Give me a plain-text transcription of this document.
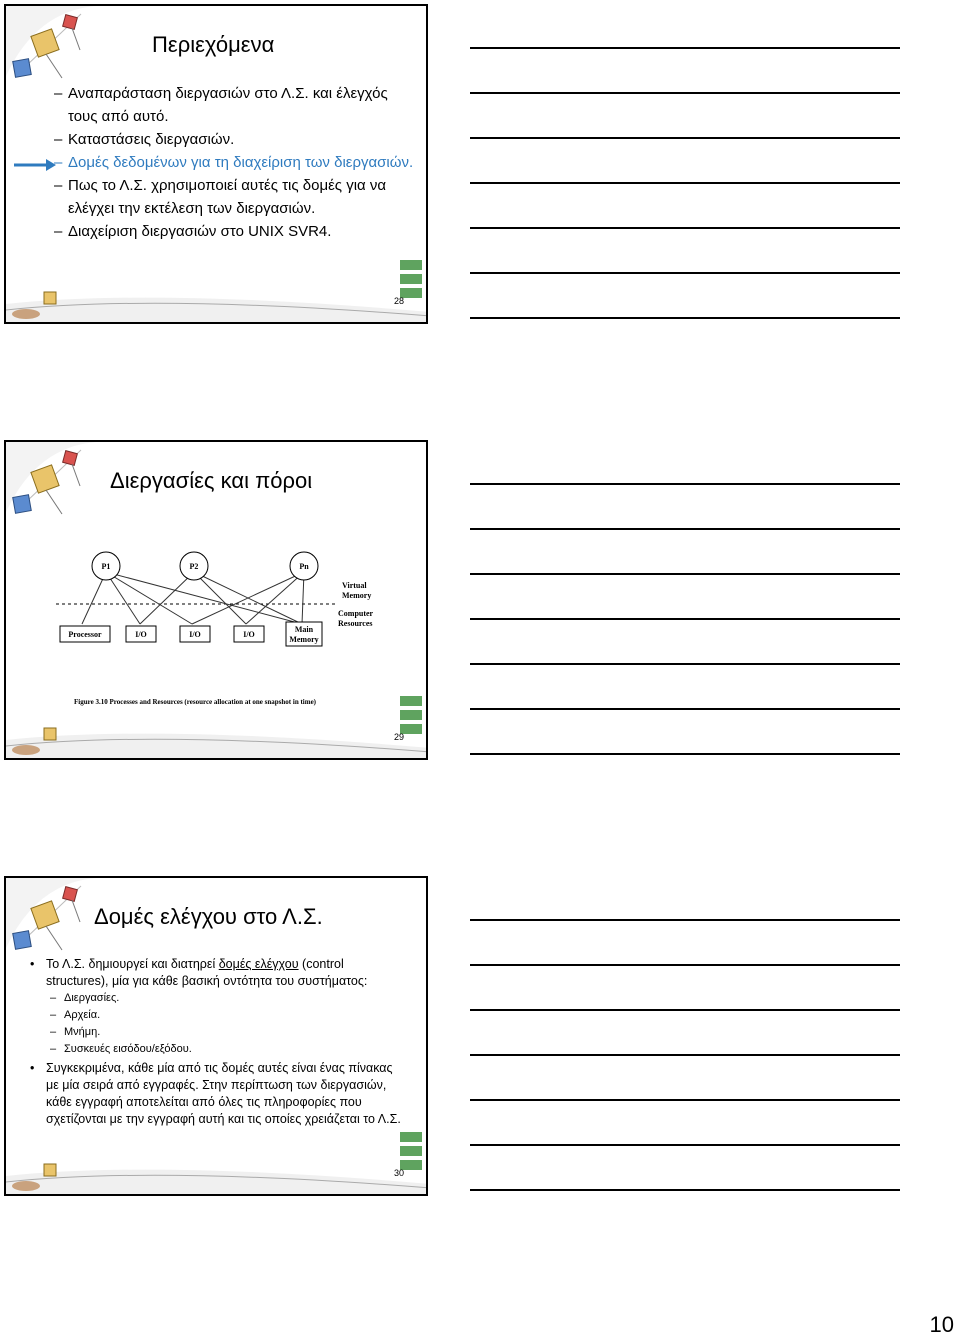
Περιεχόμενα
– Αναπαράσταση διεργασιών στο Λ.Σ. και έλεγχός τους από αυτό.
– Καταστάσεις διεργασιών.
– Δομές δεδομένων για τη διαχείριση των διεργασιών.
– Πως το Λ.Σ. χρησιμοποιεί αυτές τις δομές για να ελέγχει την εκτέλεση των διεργασιών.
– Διαχείριση διεργασιών στο UNIX SVR4.
28
Διεργασίες και πόροι
P1	P2	Pn
Virtual
Memory
Computer
Resources
Processor	I/O	I/O	I/O
Main
Memory
Figure 3.10 Processes and Resources (resource allocation at one snapshot in time)
29
Δομές ελέγχου στο Λ.Σ.
• Το Λ.Σ. δημιουργεί και διατηρεί δομές ελέγχου (control structures), μία για κάθε βασική οντότητα του συστήματος:
– Διεργασίες.
– Αρχεία.
– Μνήμη.
– Συσκευές εισόδου/εξόδου.
• Συγκεκριμένα, κάθε μία από τις δομές αυτές είναι ένας πίνακας με μία σειρά από εγγραφές. Στην περίπτωση των διεργασιών, κάθε εγγραφή αποτελείται από όλες τις πληροφορίες που σχετίζονται με την εγγραφή αυτή και τις οποίες χρειάζεται το Λ.Σ.
30
10
